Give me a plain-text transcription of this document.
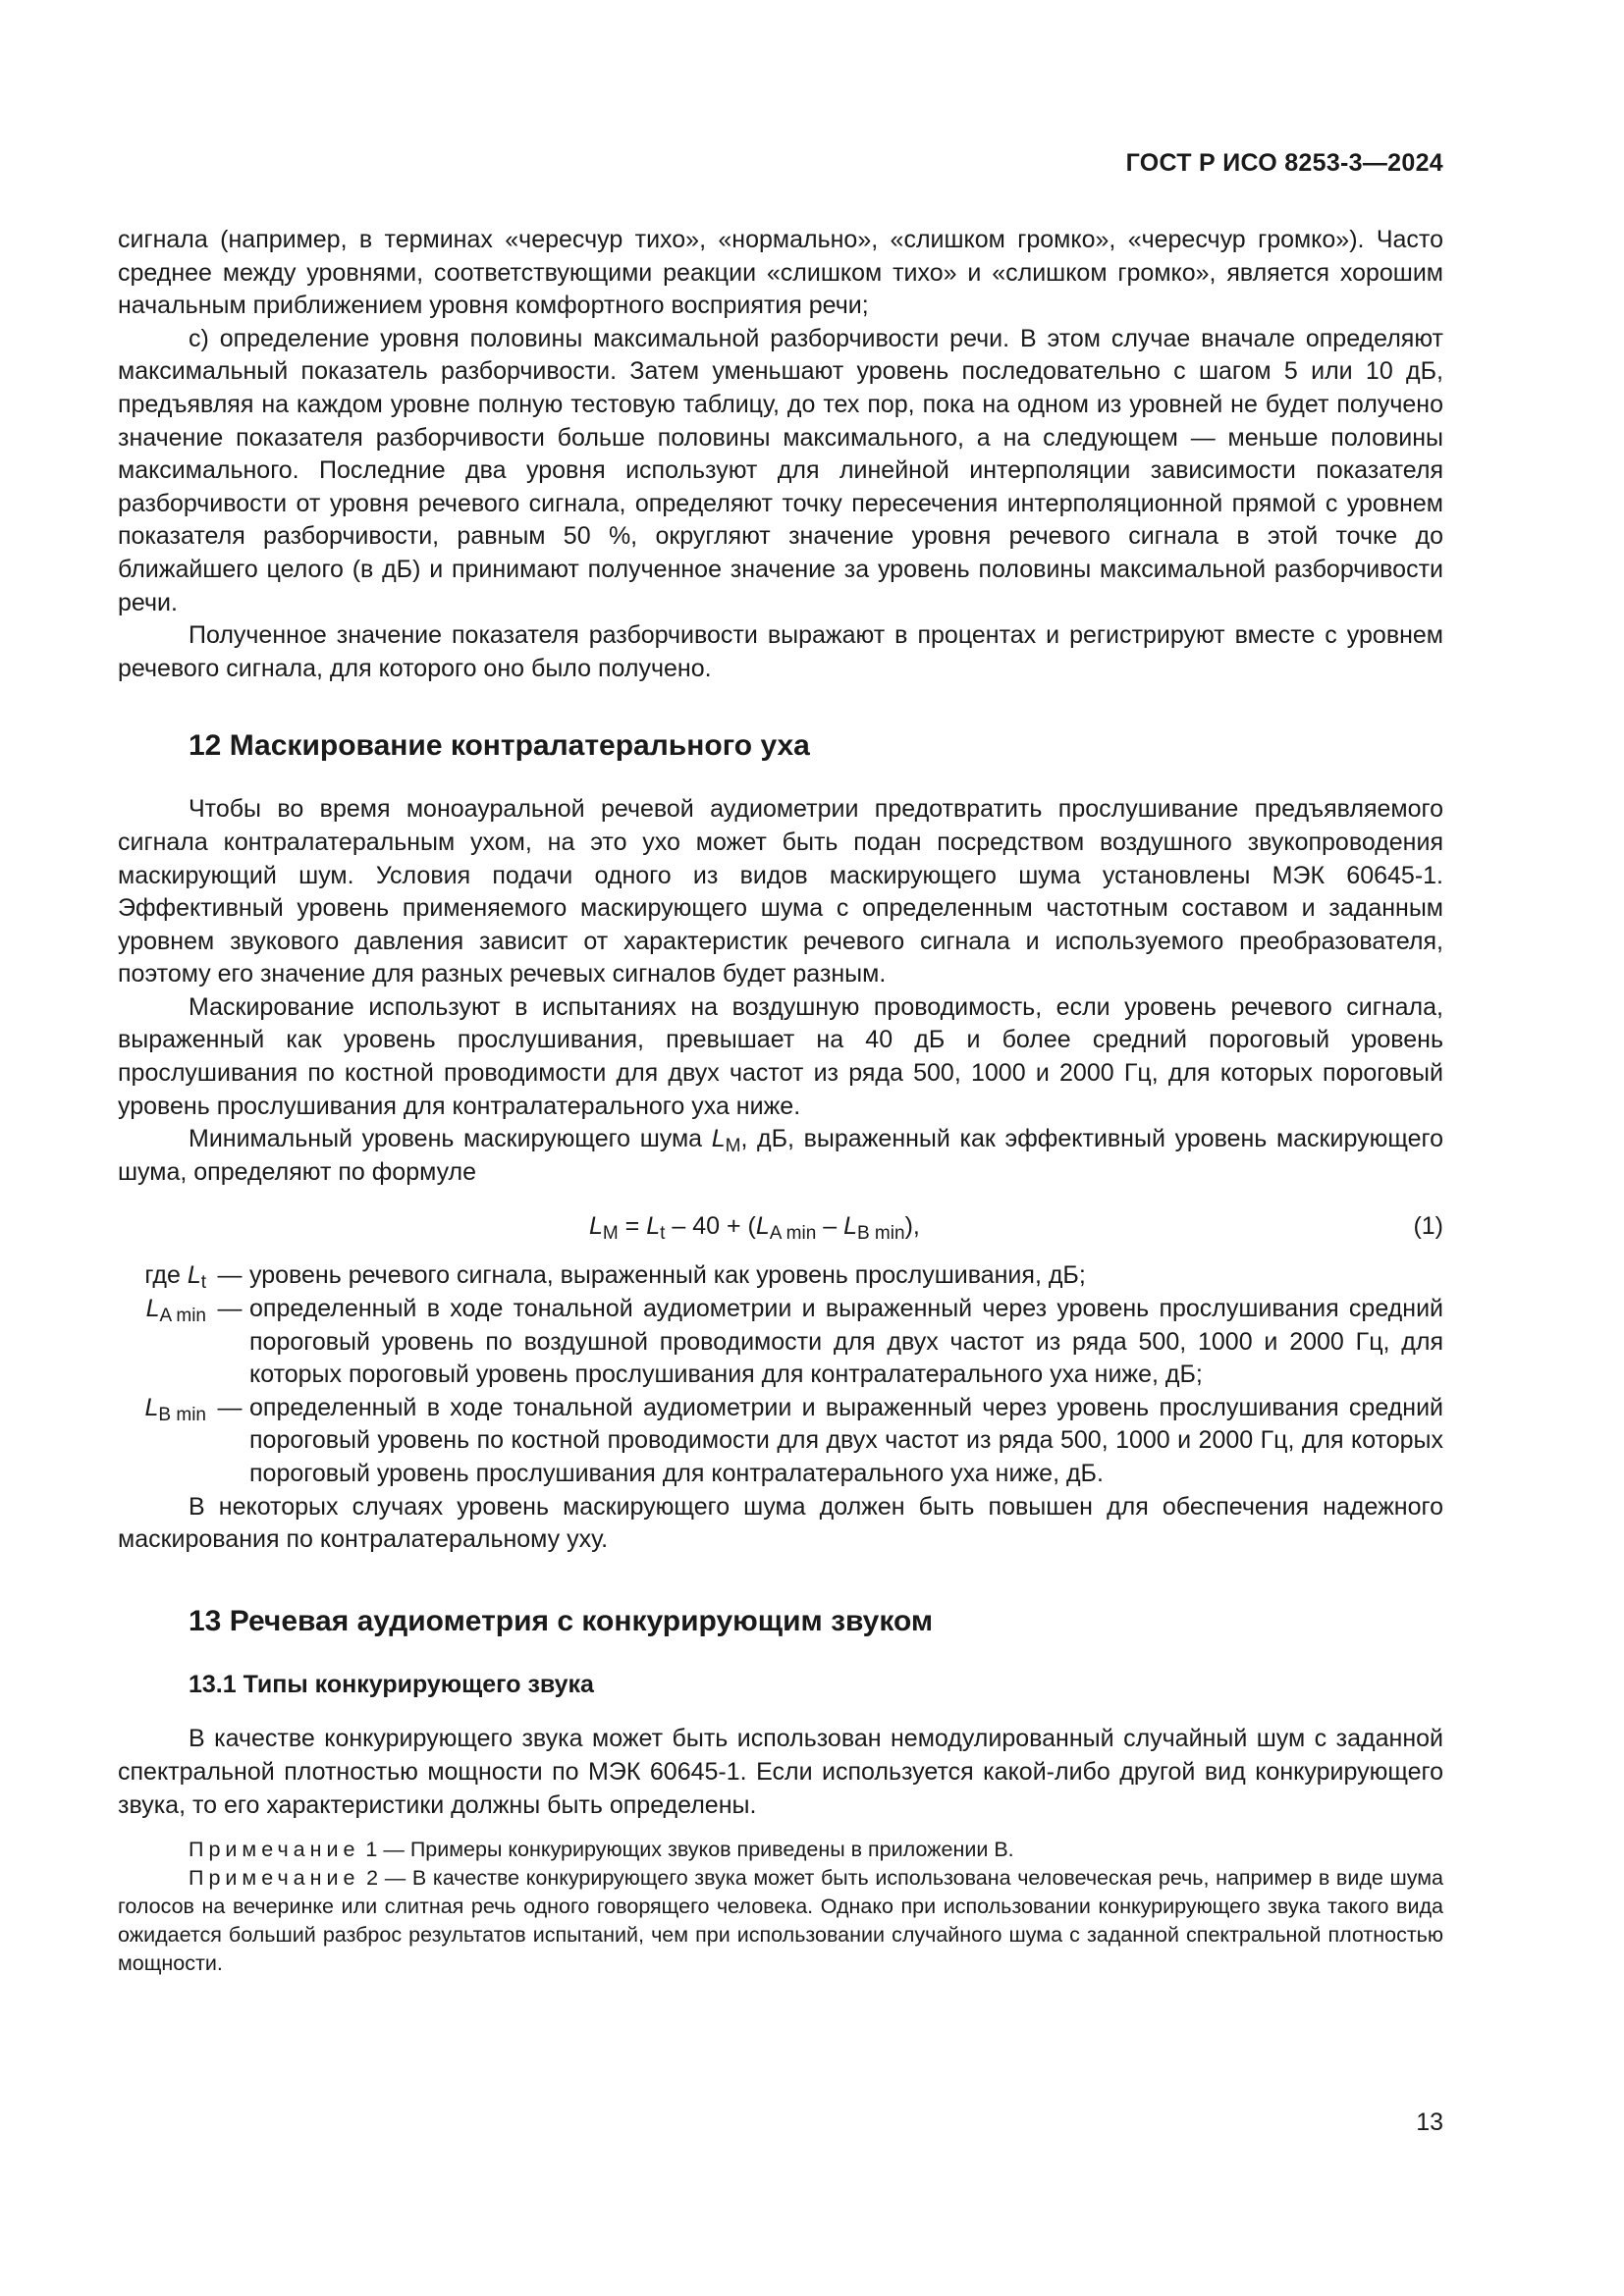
ГОСТ Р ИСО 8253-3—2024

сигнала (например, в терминах «чересчур тихо», «нормально», «слишком громко», «чересчур громко»). Часто среднее между уровнями, соответствующими реакции «слишком тихо» и «слишком громко», является хорошим начальным приближением уровня комфортного восприятия речи;

с) определение уровня половины максимальной разборчивости речи. В этом случае вначале определяют максимальный показатель разборчивости. Затем уменьшают уровень последовательно с шагом 5 или 10 дБ, предъявляя на каждом уровне полную тестовую таблицу, до тех пор, пока на одном из уровней не будет получено значение показателя разборчивости больше половины максимального, а на следующем — меньше половины максимального. Последние два уровня используют для линейной интерполяции зависимости показателя разборчивости от уровня речевого сигнала, определяют точку пересечения интерполяционной прямой с уровнем показателя разборчивости, равным 50 %, округляют значение уровня речевого сигнала в этой точке до ближайшего целого (в дБ) и принимают полученное значение за уровень половины максимальной разборчивости речи.

Полученное значение показателя разборчивости выражают в процентах и регистрируют вместе с уровнем речевого сигнала, для которого оно было получено.

12 Маскирование контралатерального уха

Чтобы во время моноауральной речевой аудиометрии предотвратить прослушивание предъявляемого сигнала контралатеральным ухом, на это ухо может быть подан посредством воздушного звукопроводения маскирующий шум. Условия подачи одного из видов маскирующего шума установлены МЭК 60645-1. Эффективный уровень применяемого маскирующего шума с определенным частотным составом и заданным уровнем звукового давления зависит от характеристик речевого сигнала и используемого преобразователя, поэтому его значение для разных речевых сигналов будет разным.

Маскирование используют в испытаниях на воздушную проводимость, если уровень речевого сигнала, выраженный как уровень прослушивания, превышает на 40 дБ и более средний пороговый уровень прослушивания по костной проводимости для двух частот из ряда 500, 1000 и 2000 Гц, для которых пороговый уровень прослушивания для контралатерального уха ниже.

Минимальный уровень маскирующего шума $L_M$, дБ, выраженный как эффективный уровень маскирующего шума, определяют по формуле

$L_M = L_t - 40 + (L_{A min} - L_{B min})$,	(1)
где $L_t$ — уровень речевого сигнала, выраженный как уровень прослушивания, дБ;
$L_{A min}$ — определенный в ходе тональной аудиометрии и выраженный через уровень прослушивания средний пороговый уровень по воздушной проводимости для двух частот из ряда 500, 1000 и 2000 Гц, для которых пороговый уровень прослушивания для контралатерального уха ниже, дБ;
$L_{B min}$ — определенный в ходе тональной аудиометрии и выраженный через уровень прослушивания средний пороговый уровень по костной проводимости для двух частот из ряда 500, 1000 и 2000 Гц, для которых пороговый уровень прослушивания для контралатерального уха ниже, дБ.

В некоторых случаях уровень маскирующего шума должен быть повышен для обеспечения надежного маскирования по контралатеральному уху.

13 Речевая аудиометрия с конкурирующим звуком
13.1 Типы конкурирующего звука

В качестве конкурирующего звука может быть использован немодулированный случайный шум с заданной спектральной плотностью мощности по МЭК 60645-1. Если используется какой-либо другой вид конкурирующего звука, то его характеристики должны быть определены.

Примечание 1 — Примеры конкурирующих звуков приведены в приложении В.

Примечание 2 — В качестве конкурирующего звука может быть использована человеческая речь, например в виде шума голосов на вечеринке или слитная речь одного говорящего человека. Однако при использовании конкурирующего звука такого вида ожидается больший разброс результатов испытаний, чем при использовании случайного шума с заданной спектральной плотностью мощности.

13
